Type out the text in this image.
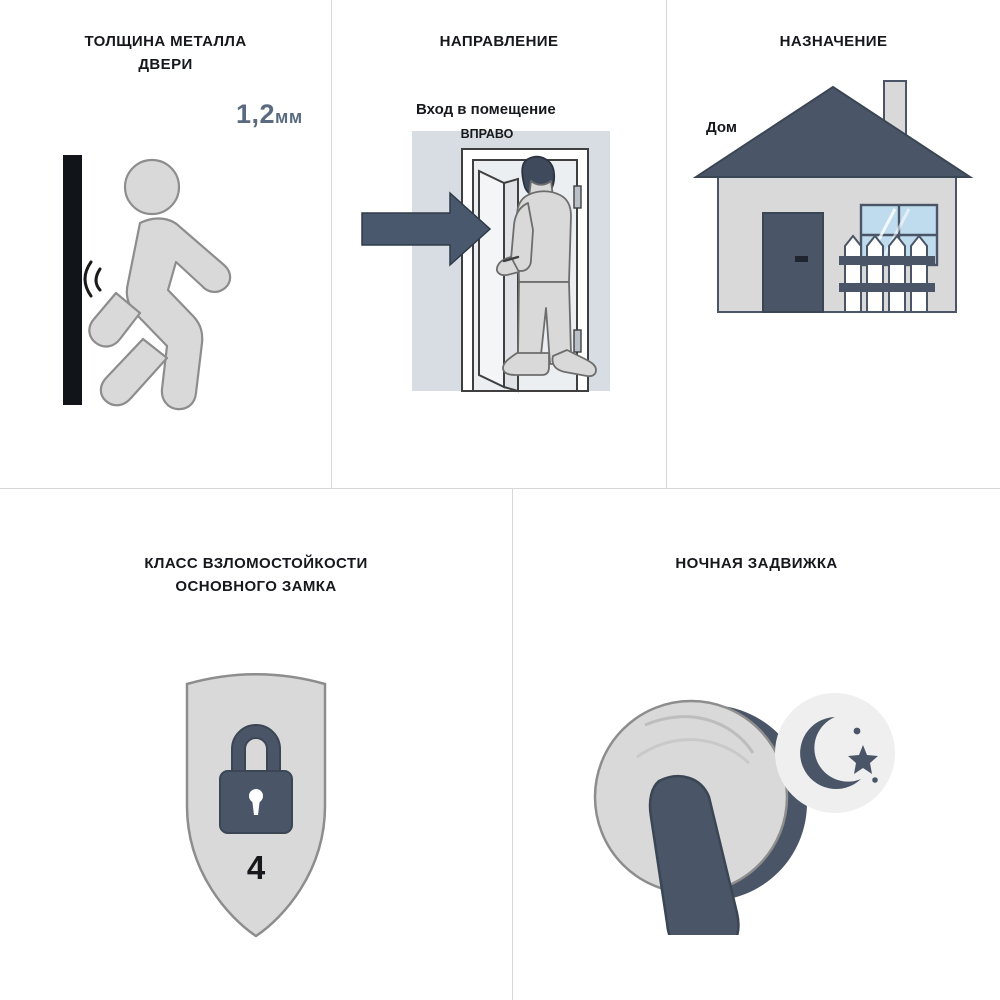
ТОЛЩИНА МЕТАЛЛА
ДВЕРИ
1,2мм
НАПРАВЛЕНИЕ
Вход в помещение
ВПРАВО
НАЗНАЧЕНИЕ
Дом
КЛАСС ВЗЛОМОСТОЙКОСТИ
ОСНОВНОГО ЗАМКА
4
НОЧНАЯ ЗАДВИЖКА
